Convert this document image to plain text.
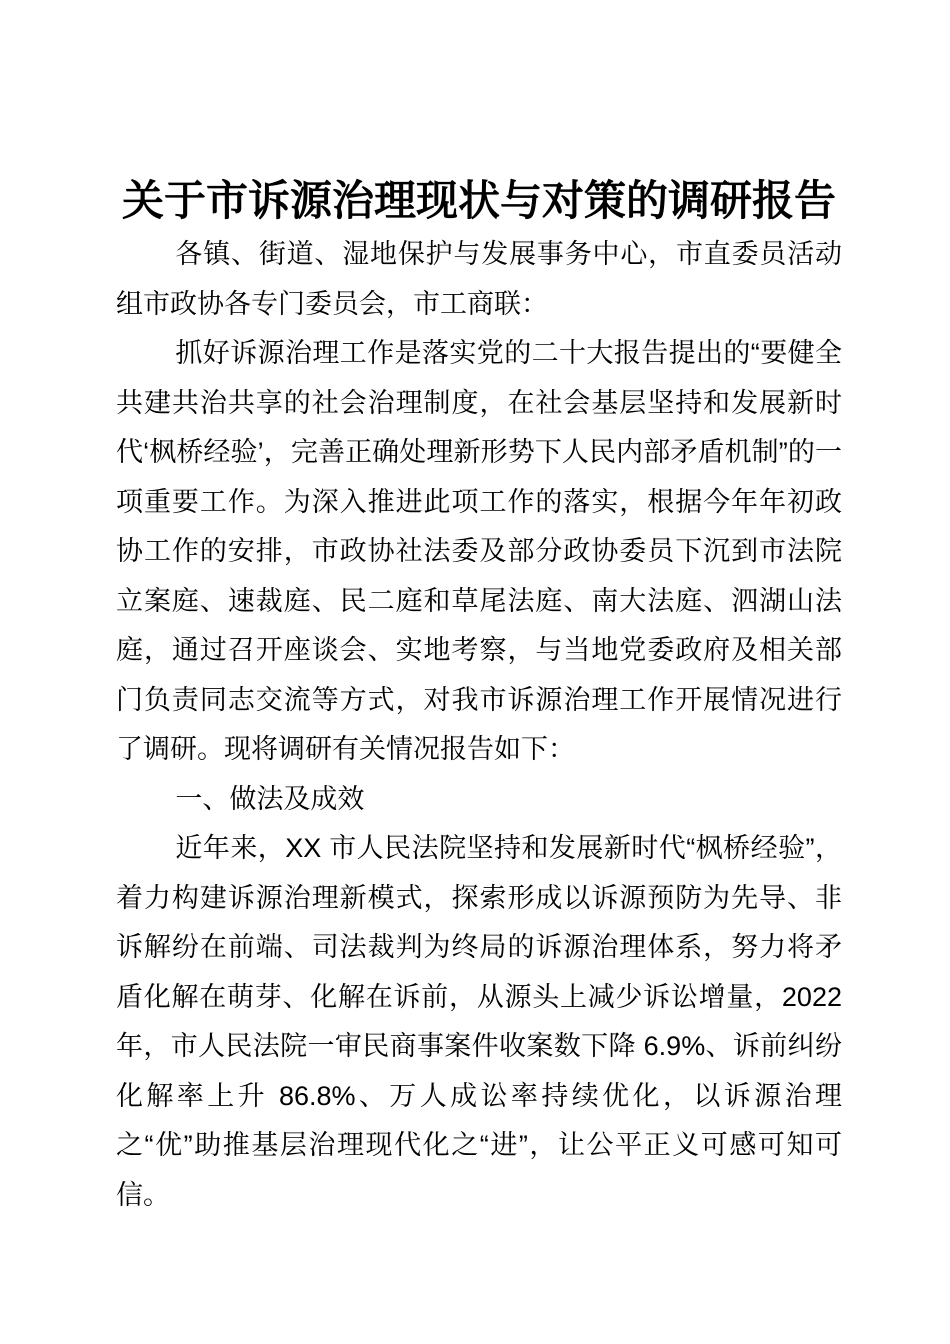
关于市诉源治理现状与对策的调研报告

各镇、街道、湿地保护与发展事务中心，市直委员活动组市政协各专门委员会，市工商联：

抓好诉源治理工作是落实党的二十大报告提出的“要健全共建共治共享的社会治理制度，在社会基层坚持和发展新时代‘枫桥经验’，完善正确处理新形势下人民内部矛盾机制”的一项重要工作。为深入推进此项工作的落实，根据今年年初政协工作的安排，市政协社法委及部分政协委员下沉到市法院立案庭、速裁庭、民二庭和草尾法庭、南大法庭、泗湖山法庭，通过召开座谈会、实地考察，与当地党委政府及相关部门负责同志交流等方式，对我市诉源治理工作开展情况进行了调研。现将调研有关情况报告如下：

一、做法及成效

近年来，XX 市人民法院坚持和发展新时代“枫桥经验”，着力构建诉源治理新模式，探索形成以诉源预防为先导、非诉解纷在前端、司法裁判为终局的诉源治理体系，努力将矛盾化解在萌芽、化解在诉前，从源头上减少诉讼增量，2022 年，市人民法院一审民商事案件收案数下降 6.9%、诉前纠纷化解率上升 86.8%、万人成讼率持续优化，以诉源治理之“优”助推基层治理现代化之“进”，让公平正义可感可知可信。
